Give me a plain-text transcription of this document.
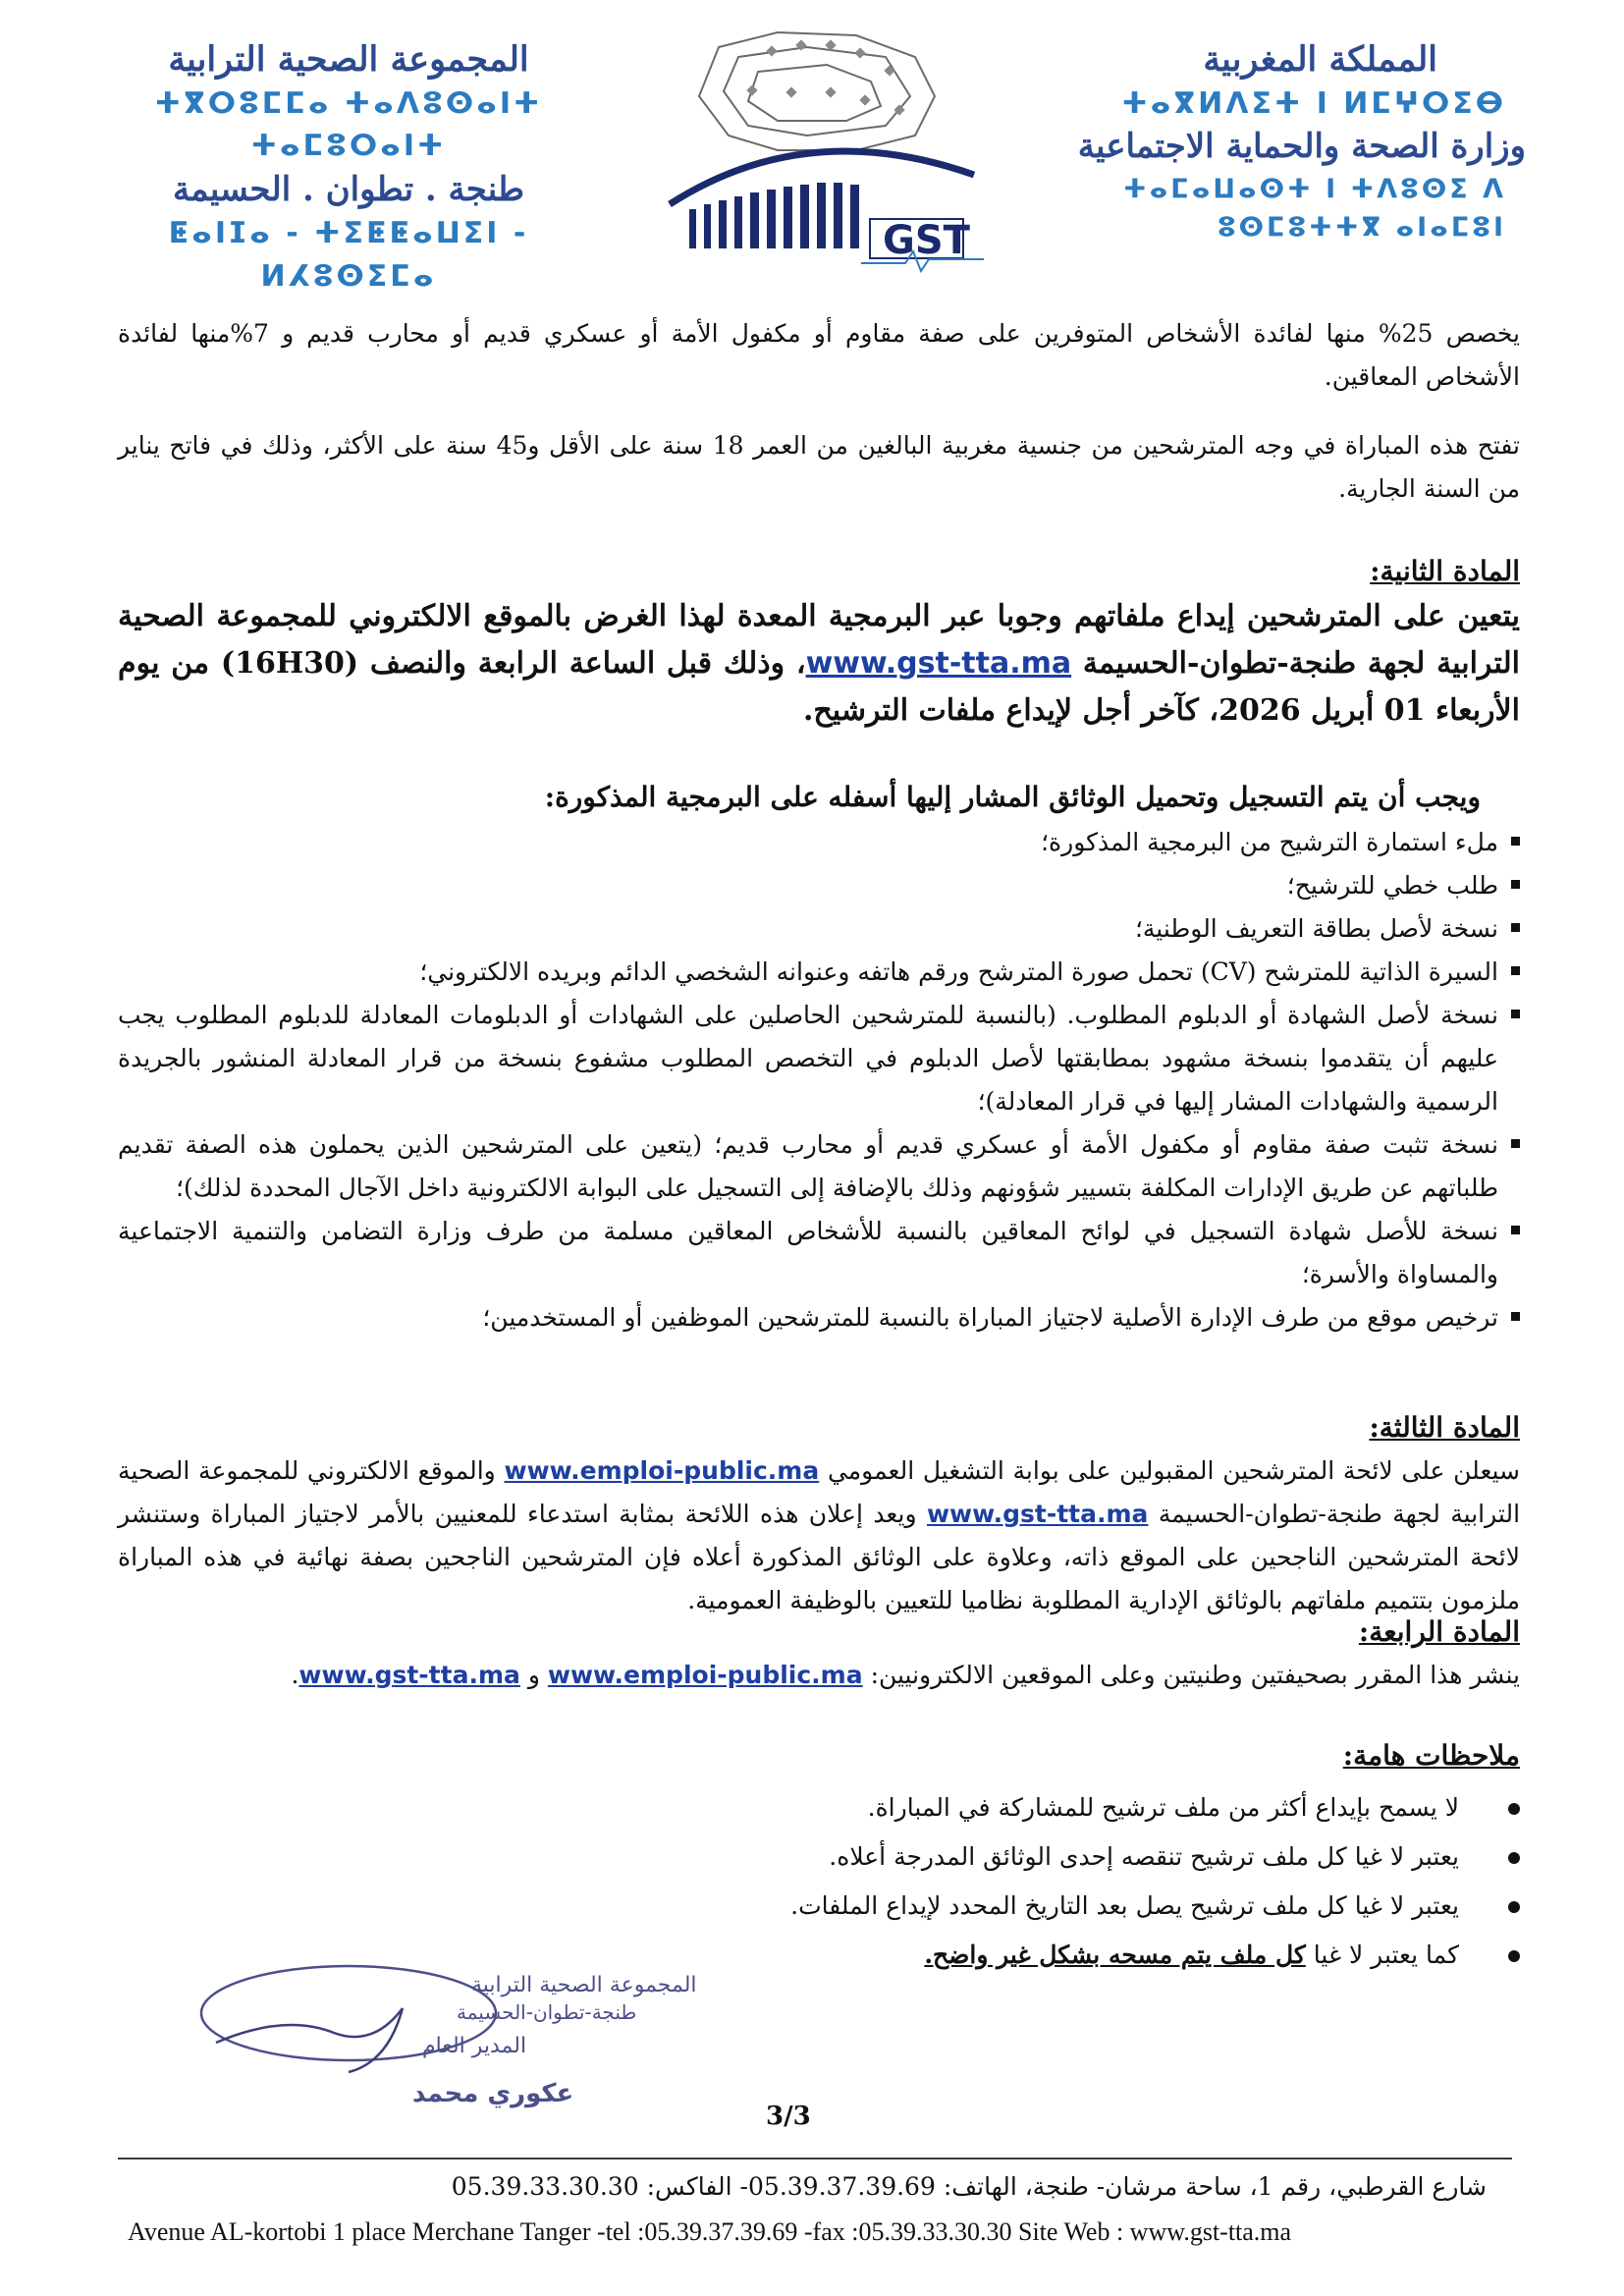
المملكة المغربية
ⵜⴰⴳⵍⴷⵉⵜ ⵏ ⵍⵎⵖⵔⵉⴱ
وزارة الصحة والحماية الاجتماعية
ⵜⴰⵎⴰⵡⴰⵙⵜ ⵏ ⵜⴷⵓⵙⵉ ⴷ ⵓⵙⵎⵓⵜⵜⴳ ⴰⵏⴰⵎⵓⵏ
GST
المجموعة الصحية الترابية
ⵜⴳⵔⵓⵎⵎⴰ ⵜⴰⴷⵓⵙⴰⵏⵜ ⵜⴰⵎⵓⵔⴰⵏⵜ
طنجة . تطوان . الحسيمة
ⵟⴰⵏⵊⴰ - ⵜⵉⵟⵟⴰⵡⵉⵏ - ⵍⵃⵓⵙⵉⵎⴰ

يخصص 25% منها لفائدة الأشخاص المتوفرين على صفة مقاوم أو مكفول الأمة أو عسكري قديم أو محارب قديم و 7%منها لفائدة الأشخاص المعاقين.

تفتح هذه المباراة في وجه المترشحين من جنسية مغربية البالغين من العمر 18 سنة على الأقل و45 سنة على الأكثر، وذلك في فاتح يناير من السنة الجارية.

المادة الثانية:

يتعين على المترشحين إيداع ملفاتهم وجوبا عبر البرمجية المعدة لهذا الغرض بالموقع الالكتروني للمجموعة الصحية الترابية لجهة طنجة-تطوان-الحسيمة www.gst-tta.ma، وذلك قبل الساعة الرابعة والنصف (16H30) من يوم الأربعاء 01 أبريل 2026، كآخر أجل لإيداع ملفات الترشيح.

ويجب أن يتم التسجيل وتحميل الوثائق المشار إليها أسفله على البرمجية المذكورة:

ملء استمارة الترشيح من البرمجية المذكورة؛
طلب خطي للترشيح؛
نسخة لأصل بطاقة التعريف الوطنية؛
السيرة الذاتية للمترشح (CV) تحمل صورة المترشح ورقم هاتفه وعنوانه الشخصي الدائم وبريده الالكتروني؛
نسخة لأصل الشهادة أو الدبلوم المطلوب. (بالنسبة للمترشحين الحاصلين على الشهادات أو الدبلومات المعادلة للدبلوم المطلوب يجب عليهم أن يتقدموا بنسخة مشهود بمطابقتها لأصل الدبلوم في التخصص المطلوب مشفوع بنسخة من قرار المعادلة المنشور بالجريدة الرسمية والشهادات المشار إليها في قرار المعادلة)؛
نسخة تثبت صفة مقاوم أو مكفول الأمة أو عسكري قديم أو محارب قديم؛ (يتعين على المترشحين الذين يحملون هذه الصفة تقديم طلباتهم عن طريق الإدارات المكلفة بتسيير شؤونهم وذلك بالإضافة إلى التسجيل على البوابة الالكترونية داخل الآجال المحددة لذلك)؛
نسخة للأصل شهادة التسجيل في لوائح المعاقين بالنسبة للأشخاص المعاقين مسلمة من طرف وزارة التضامن والتنمية الاجتماعية والمساواة والأسرة؛
ترخيص موقع من طرف الإدارة الأصلية لاجتياز المباراة بالنسبة للمترشحين الموظفين أو المستخدمين؛

المادة الثالثة:

سيعلن على لائحة المترشحين المقبولين على بوابة التشغيل العمومي www.emploi-public.ma والموقع الالكتروني للمجموعة الصحية الترابية لجهة طنجة-تطوان-الحسيمة www.gst-tta.ma ويعد إعلان هذه اللائحة بمثابة استدعاء للمعنيين بالأمر لاجتياز المباراة وستنشر لائحة المترشحين الناجحين على الموقع ذاته، وعلاوة على الوثائق المذكورة أعلاه فإن المترشحين الناجحين بصفة نهائية في هذه المباراة ملزمون بتتميم ملفاتهم بالوثائق الإدارية المطلوبة نظاميا للتعيين بالوظيفة العمومية.

المادة الرابعة:

ينشر هذا المقرر بصحيفتين وطنيتين وعلى الموقعين الالكترونيين: www.emploi-public.ma و www.gst-tta.ma.

ملاحظات هامة:

لا يسمح بإيداع أكثر من ملف ترشيح للمشاركة في المباراة.
يعتبر لا غيا كل ملف ترشيح تنقصه إحدى الوثائق المدرجة أعلاه.
يعتبر لا غيا كل ملف ترشيح يصل بعد التاريخ المحدد لإيداع الملفات.
كما يعتبر لا غيا كل ملف يتم مسحه بشكل غير واضح.
المجموعة الصحية الترابية
طنجة-تطوان-الحسيمة
المدير العام
عكوري محمد
3/3
شارع القرطبي، رقم 1، ساحة مرشان- طنجة، الهاتف: 05.39.37.39.69- الفاكس: 05.39.33.30.30
Avenue AL-kortobi 1 place Merchane Tanger -tel :05.39.37.39.69 -fax :05.39.33.30.30 Site Web : www.gst-tta.ma
